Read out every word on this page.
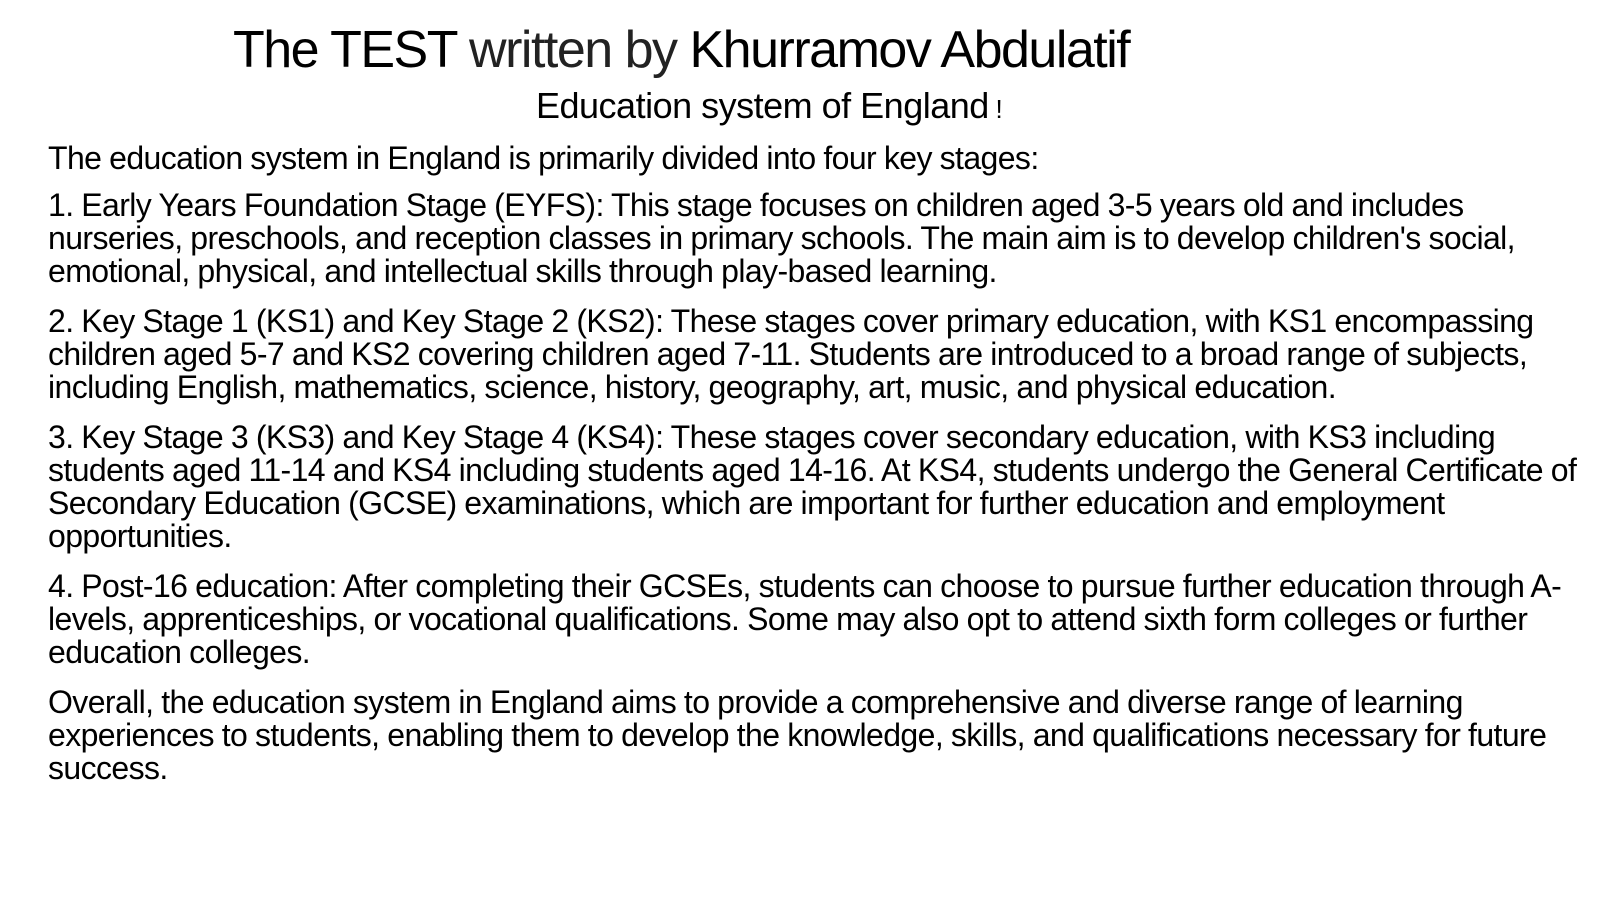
The TEST written by Khurramov Abdulatif
Education system of England !

The education system in England is primarily divided into four key stages:

1. Early Years Foundation Stage (EYFS): This stage focuses on children aged 3-5 years old and includes nurseries, preschools, and reception classes in primary schools. The main aim is to develop children's social, emotional, physical, and intellectual skills through play-based learning.

2. Key Stage 1 (KS1) and Key Stage 2 (KS2): These stages cover primary education, with KS1 encompassing children aged 5-7 and KS2 covering children aged 7-11. Students are introduced to a broad range of subjects, including English, mathematics, science, history, geography, art, music, and physical education.

3. Key Stage 3 (KS3) and Key Stage 4 (KS4): These stages cover secondary education, with KS3 including students aged 11-14 and KS4 including students aged 14-16. At KS4, students undergo the General Certificate of Secondary Education (GCSE) examinations, which are important for further education and employment opportunities.

4. Post-16 education: After completing their GCSEs, students can choose to pursue further education through A-levels, apprenticeships, or vocational qualifications. Some may also opt to attend sixth form colleges or further education colleges.

Overall, the education system in England aims to provide a comprehensive and diverse range of learning experiences to students, enabling them to develop the knowledge, skills, and qualifications necessary for future success.
